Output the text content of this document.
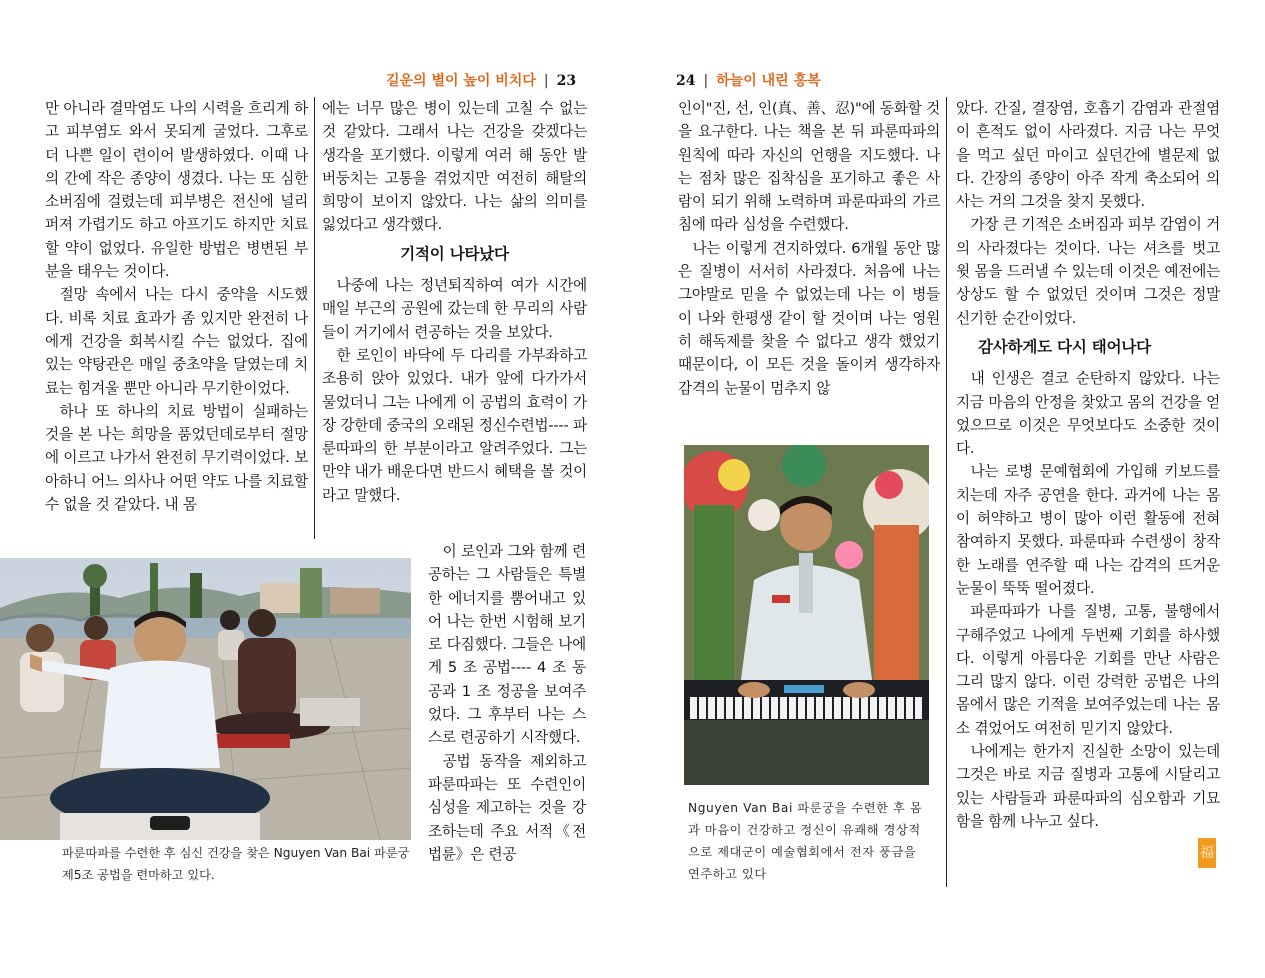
길운의 별이 높이 비치다 | 23	24 | 하늘이 내린 홍복

만 아니라 결막염도 나의 시력을 흐리게 하고 피부염도 와서 못되게 굴었다. 그후로 더 나쁜 일이 련이어 발생하였다. 이때 나의 간에 작은 종양이 생겼다. 나는 또 심한 소버짐에 걸렸는데 피부병은 전신에 널리 퍼져 가렵기도 하고 아프기도 하지만 치료할 약이 없었다. 유일한 방법은 병변된 부분을 태우는 것이다.

절망 속에서 나는 다시 중약을 시도했다. 비록 치료 효과가 좀 있지만 완전히 나에게 건강을 회복시킬 수는 없었다. 집에 있는 약탕관은 매일 중초약을 달였는데 치료는 힘겨울 뿐만 아니라 무기한이었다.

하나 또 하나의 치료 방법이 실패하는 것을 본 나는 희망을 품었던데로부터 절망에 이르고 나가서 완전히 무기력이었다. 보아하니 어느 의사나 어떤 약도 나를 치료할 수 없을 것 같았다. 내 몸

에는 너무 많은 병이 있는데 고칠 수 없는 것 같았다. 그래서 나는 건강을 갖겠다는 생각을 포기했다. 이렇게 여러 해 동안 발버둥치는 고통을 겪었지만 여전히 해탈의 희망이 보이지 않았다. 나는 삶의 의미를 잃었다고 생각했다.

기적이 나타났다

나중에 나는 정년퇴직하여 여가 시간에 매일 부근의 공원에 갔는데 한 무리의 사람들이 거기에서 련공하는 것을 보았다.

한 로인이 바닥에 두 다리를 가부좌하고 조용히 앉아 있었다. 내가 앞에 다가가서 물었더니 그는 나에게 이 공법의 효력이 가장 강한데 중국의 오래된 정신수련법---- 파룬따파의 한 부분이라고 알려주었다. 그는 만약 내가 배운다면 반드시 혜택을 볼 것이라고 말했다.

이 로인과 그와 함께 련공하는 그 사람들은 특별한 에너지를 뿜어내고 있어 나는 한번 시험해 보기로 다짐했다. 그들은 나에게 5 조 공법---- 4 조 동공과 1 조 정공을 보여주었다. 그 후부터 나는 스스로 련공하기 시작했다.

공법 동작을 제외하고 파룬따파는 또 수련인이 심성을 제고하는 것을 강조하는데 주요 서적《전법륜》은 련공

파룬따파를 수련한 후 심신 건강을 찾은 Nguyen Van Bai 파룬궁 제5조 공법을 련마하고 있다.

인이"진, 선, 인(真、善、忍)"에 동화할 것을 요구한다. 나는 책을 본 뒤 파룬따파의 원칙에 따라 자신의 언행을 지도했다. 나는 점차 많은 집착심을 포기하고 좋은 사람이 되기 위해 노력하며 파룬따파의 가르침에 따라 심성을 수련했다.

나는 이렇게 견지하였다. 6개월 동안 많은 질병이 서서히 사라졌다. 처음에 나는 그야말로 믿을 수 없었는데 나는 이 병들이 나와 한평생 같이 할 것이며 나는 영원히 해독제를 찾을 수 없다고 생각 했었기 때문이다, 이 모든 것을 돌이켜 생각하자 감격의 눈물이 멈추지 않

Nguyen Van Bai 파룬궁을 수련한 후 몸과 마음이 건강하고 정신이 유쾌해 경상적으로 제대군이 예술협회에서 전자 풍금을 연주하고 있다

았다. 간질, 결장염, 호흡기 감염과 관절염이 흔적도 없이 사라졌다. 지금 나는 무엇을 먹고 싶던 마이고 싶던간에 별문제 없다. 간장의 종양이 아주 작게 축소되어 의사는 거의 그것을 찾지 못했다.

가장 큰 기적은 소버짐과 피부 감염이 거의 사라졌다는 것이다. 나는 셔츠를 벗고 윗 몸을 드러낼 수 있는데 이것은 예전에는 상상도 할 수 없었던 것이며 그것은 정말 신기한 순간이었다.

감사하게도 다시 태어나다

내 인생은 결코 순탄하지 않았다. 나는 지금 마음의 안정을 찾았고 몸의 건강을 얻었으므로 이것은 무엇보다도 소중한 것이다.

나는 로병 문예협회에 가입해 키보드를 치는데 자주 공연을 한다. 과거에 나는 몸이 허약하고 병이 많아 이런 활동에 전혀 참여하지 못했다. 파룬따파 수련생이 창작한 노래를 연주할 때 나는 감격의 뜨거운 눈물이 뚝뚝 떨어졌다.

파룬따파가 나를 질병, 고통, 불행에서 구해주었고 나에게 두번째 기회를 하사했다. 이렇게 아름다운 기회를 만난 사람은 그리 많지 않다. 이런 강력한 공법은 나의 몸에서 많은 기적을 보여주었는데 나는 몸소 겪었어도 여전히 믿기지 않았다.

나에게는 한가지 진실한 소망이 있는데 그것은 바로 지금 질병과 고통에 시달리고 있는 사람들과 파룬따파의 심오함과 기묘함을 함께 나누고 싶다.

福
